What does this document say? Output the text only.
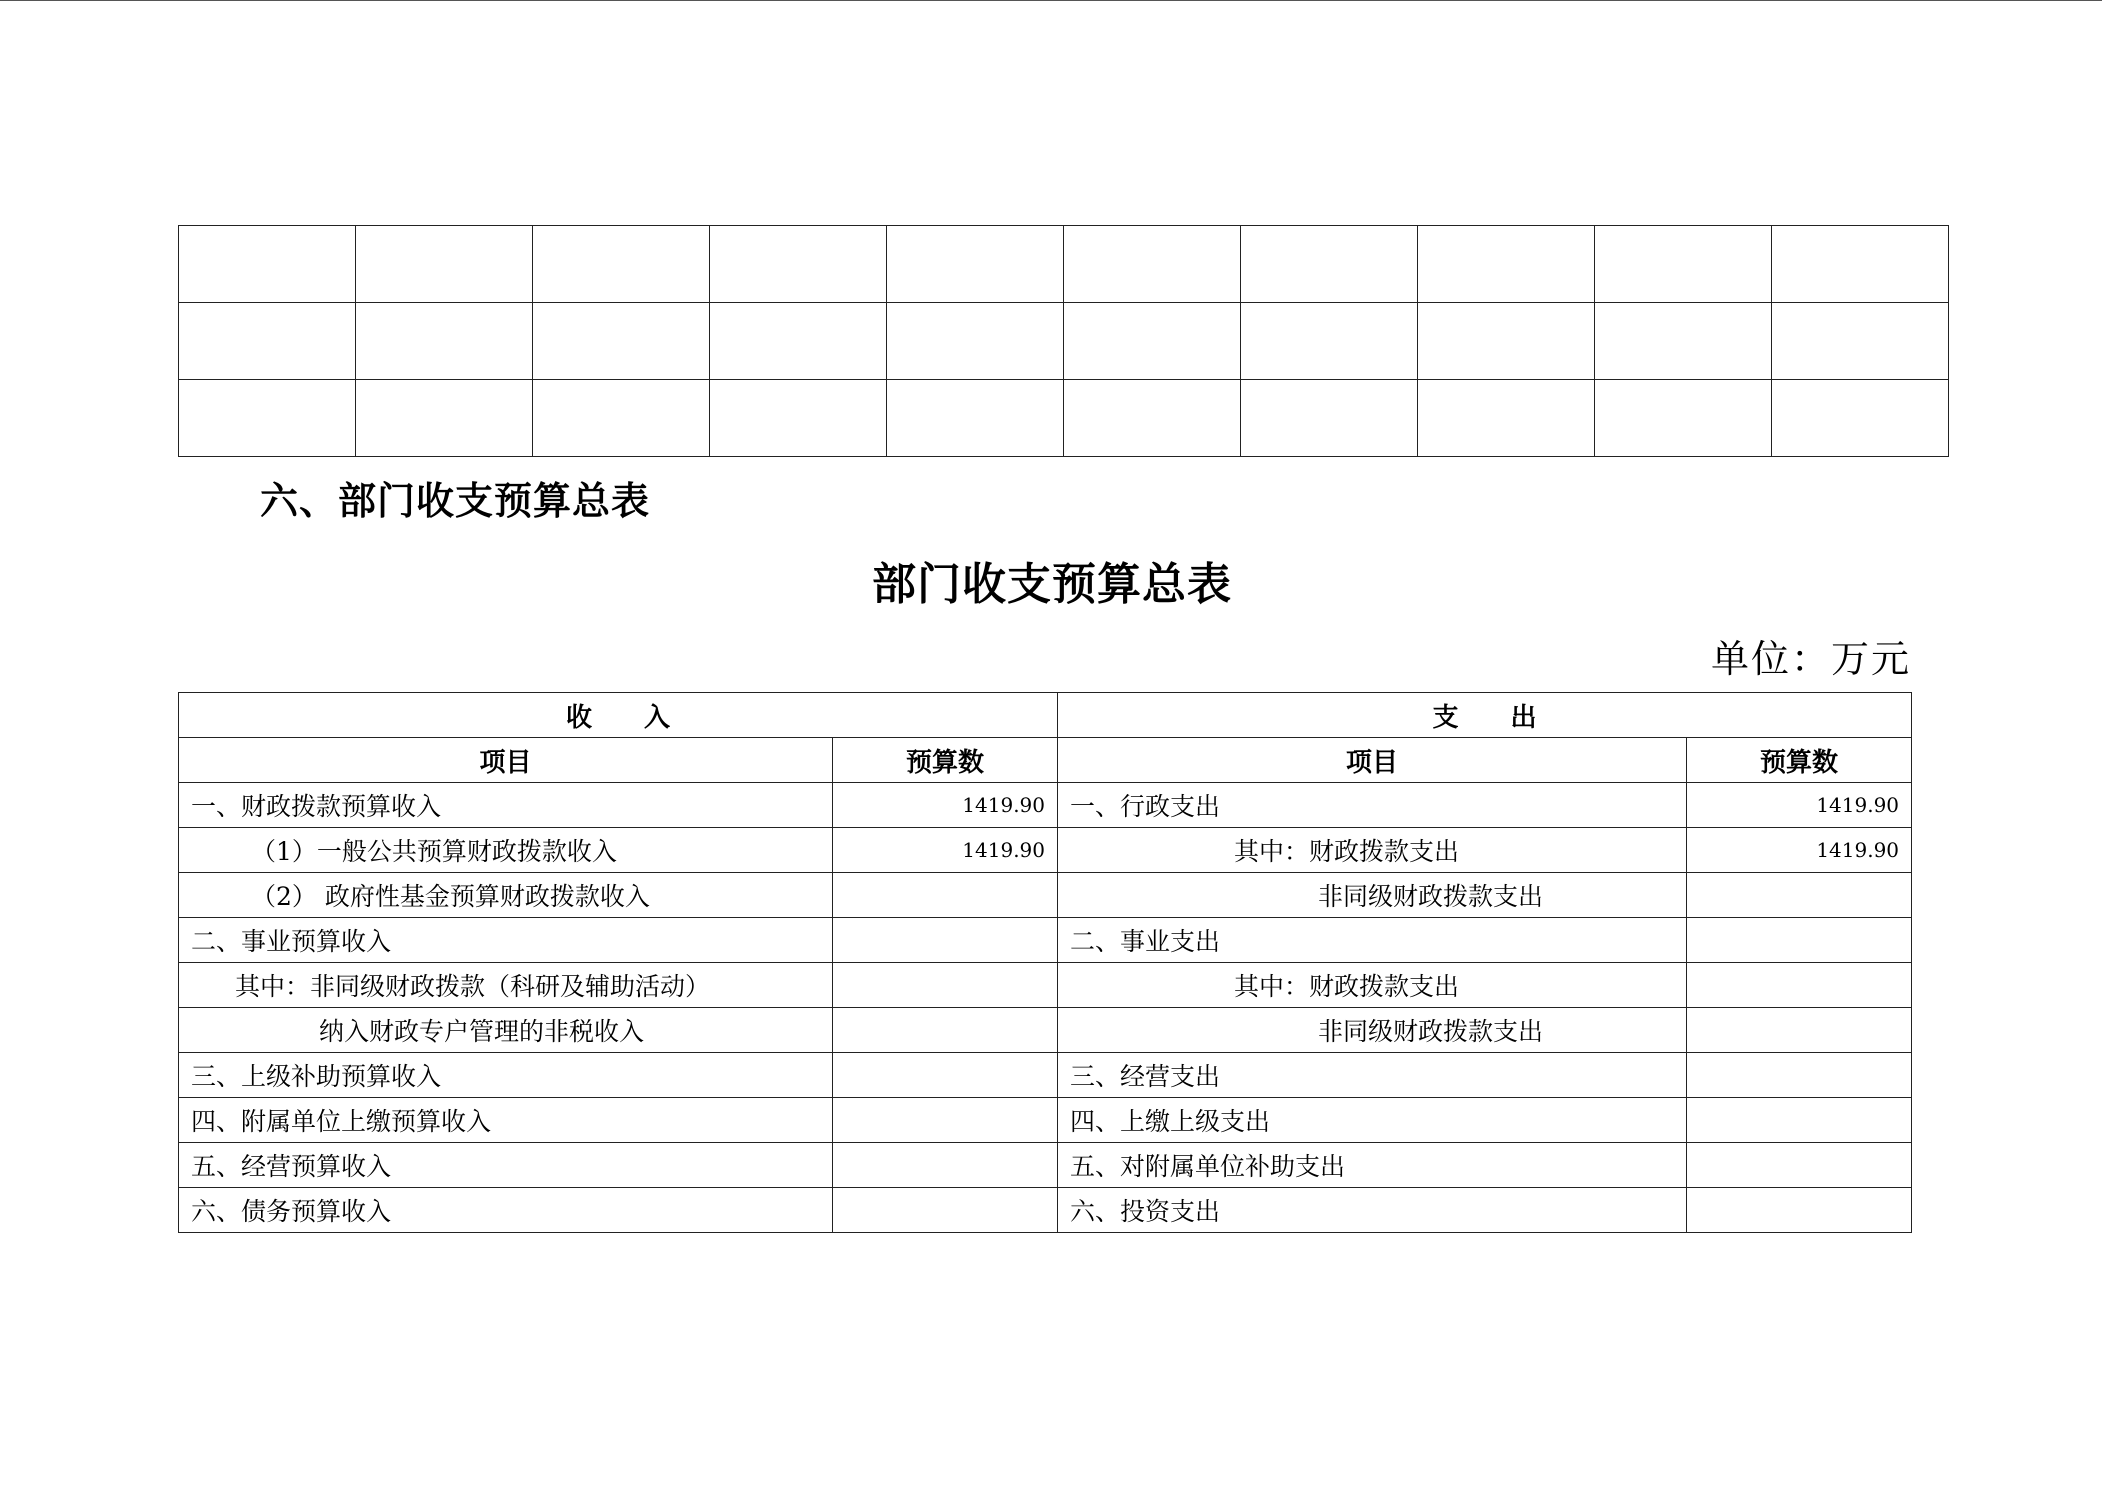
六、部门收支预算总表
部门收支预算总表
单位：万元
收　　入		支　　出	
项目	预算数	项目	预算数
一、财政拨款预算收入	1419.90	一、行政支出	1419.90
（1）一般公共预算财政拨款收入	1419.90	其中：财政拨款支出	1419.90
（2） 政府性基金预算财政拨款收入		非同级财政拨款支出	
二、事业预算收入		二、事业支出	
其中：非同级财政拨款（科研及辅助活动）		其中：财政拨款支出	
纳入财政专户管理的非税收入		非同级财政拨款支出	
三、上级补助预算收入		三、经营支出	
四、附属单位上缴预算收入		四、上缴上级支出	
五、经营预算收入		五、对附属单位补助支出	
六、债务预算收入		六、投资支出	
